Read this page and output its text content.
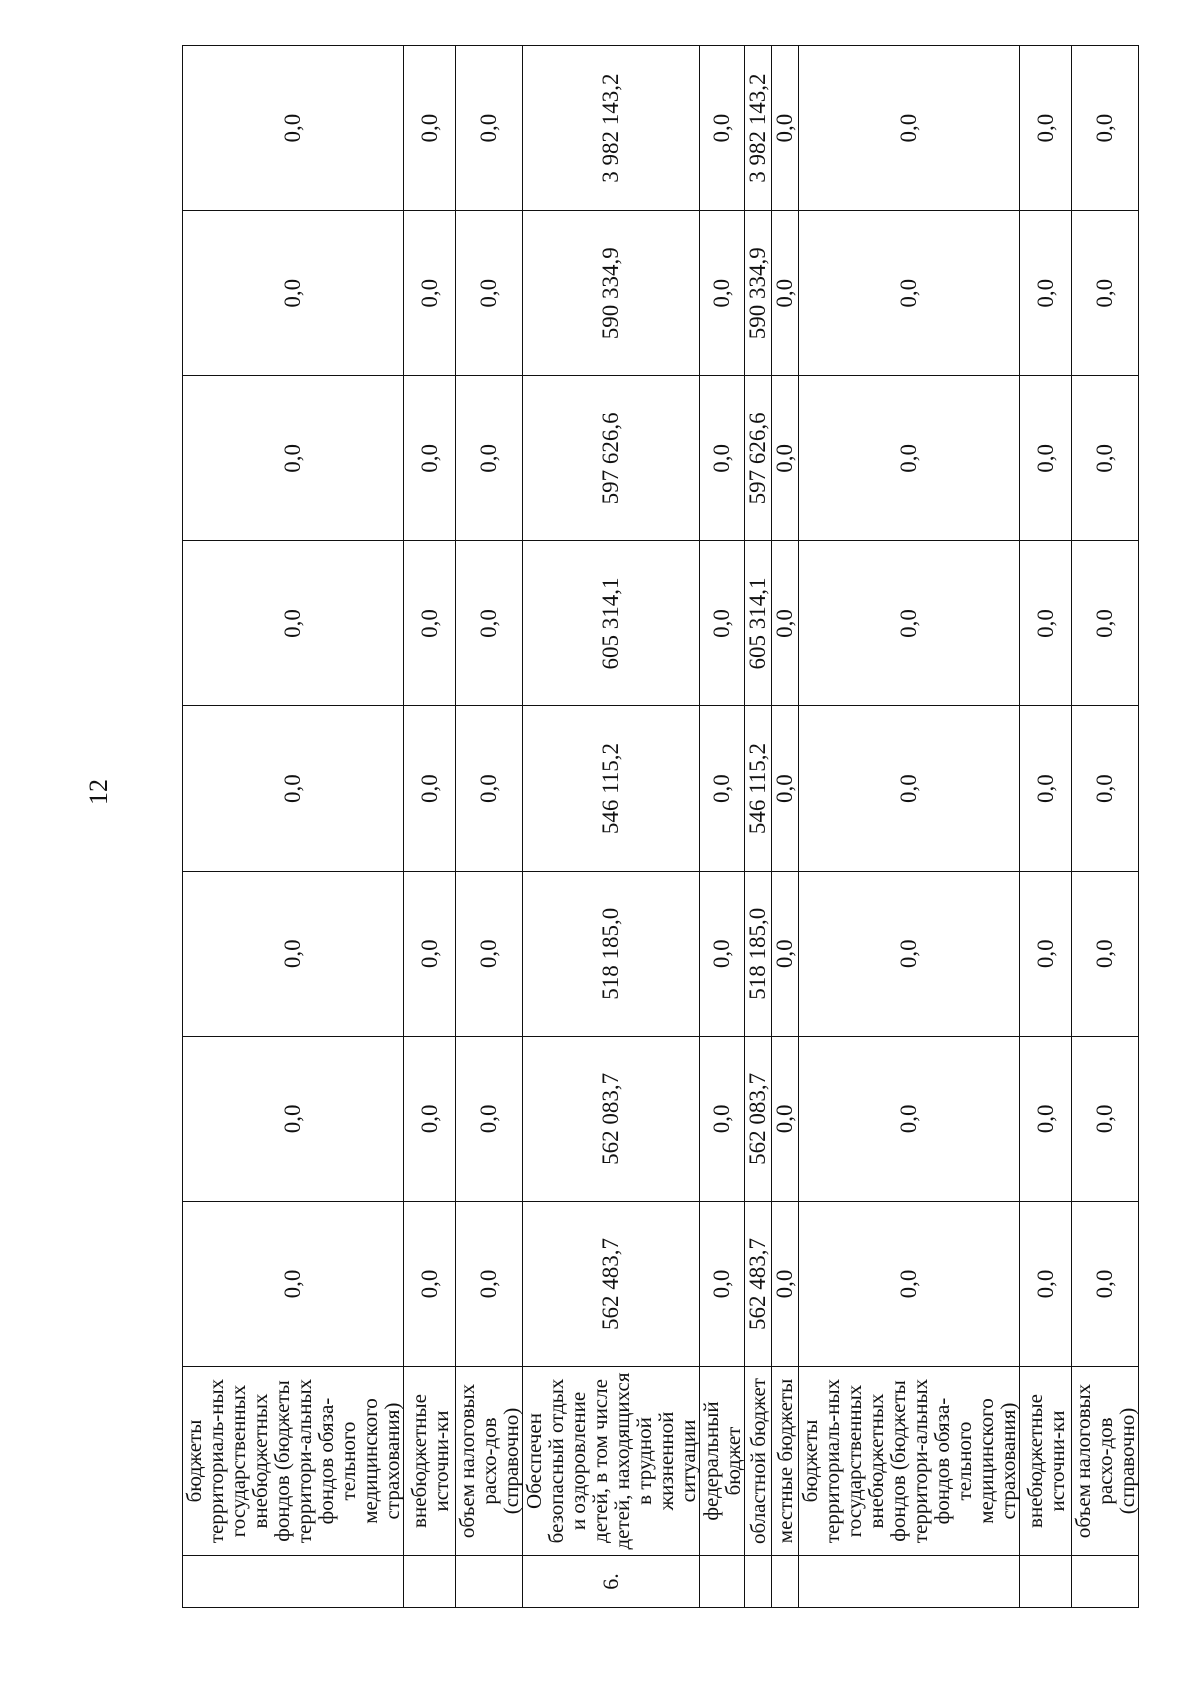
12
	бюджеты территориаль-ных государственных внебюджетных фондов (бюджеты территори-альных фондов обяза-тельного медицинского страхования)	0,0	0,0	0,0	0,0	0,0	0,0	0,0	0,0
	внебюджетные источни-ки	0,0	0,0	0,0	0,0	0,0	0,0	0,0	0,0
	объем налоговых расхо-дов (справочно)	0,0	0,0	0,0	0,0	0,0	0,0	0,0	0,0
6.	Обеспечен безопасный отдых и оздоровление детей, в том числе детей, находящихся в трудной жизненной ситуации	562 483,7	562 083,7	518 185,0	546 115,2	605 314,1	597 626,6	590 334,9	3 982 143,2
	федеральный бюджет	0,0	0,0	0,0	0,0	0,0	0,0	0,0	0,0
	областной бюджет	562 483,7	562 083,7	518 185,0	546 115,2	605 314,1	597 626,6	590 334,9	3 982 143,2
	местные бюджеты	0,0	0,0	0,0	0,0	0,0	0,0	0,0	0,0
	бюджеты территориаль-ных государственных внебюджетных фондов (бюджеты территори-альных фондов обяза-тельного медицинского страхования)	0,0	0,0	0,0	0,0	0,0	0,0	0,0	0,0
	внебюджетные источни-ки	0,0	0,0	0,0	0,0	0,0	0,0	0,0	0,0
	объем налоговых расхо-дов (справочно)	0,0	0,0	0,0	0,0	0,0	0,0	0,0	0,0
